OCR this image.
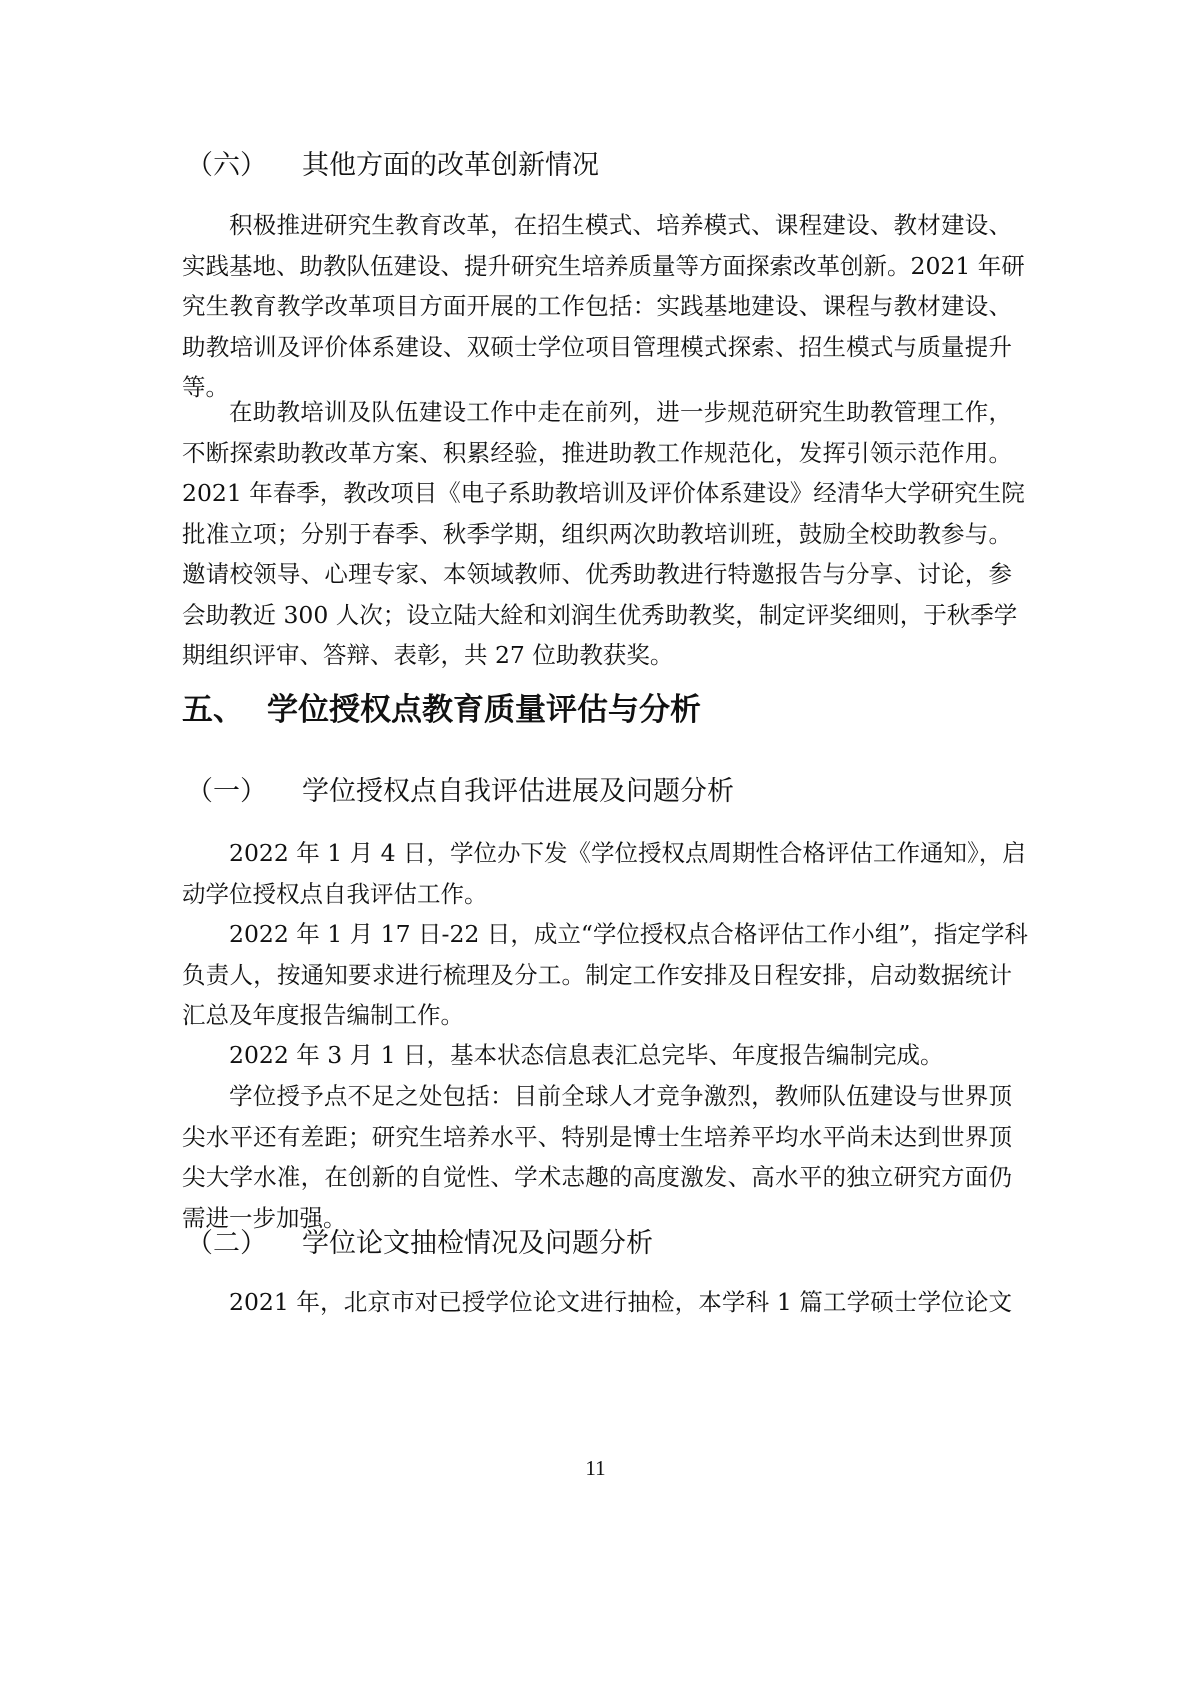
（六） 其他方面的改革创新情况
积极推进研究生教育改革，在招生模式、培养模式、课程建设、教材建设、
实践基地、助教队伍建设、提升研究生培养质量等方面探索改革创新。2021 年研
究生教育教学改革项目方面开展的工作包括：实践基地建设、课程与教材建设、
助教培训及评价体系建设、双硕士学位项目管理模式探索、招生模式与质量提升
等。
在助教培训及队伍建设工作中走在前列，进一步规范研究生助教管理工作，
不断探索助教改革方案、积累经验，推进助教工作规范化，发挥引领示范作用。
2021 年春季，教改项目《电子系助教培训及评价体系建设》经清华大学研究生院
批准立项；分别于春季、秋季学期，组织两次助教培训班，鼓励全校助教参与。
邀请校领导、心理专家、本领域教师、优秀助教进行特邀报告与分享、讨论，参
会助教近 300 人次；设立陆大絟和刘润生优秀助教奖，制定评奖细则，于秋季学
期组织评审、答辩、表彰，共 27 位助教获奖。
五、 学位授权点教育质量评估与分析
（一） 学位授权点自我评估进展及问题分析
2022 年 1 月 4 日，学位办下发《学位授权点周期性合格评估工作通知》，启
动学位授权点自我评估工作。
2022 年 1 月 17 日-22 日，成立“学位授权点合格评估工作小组”，指定学科
负责人，按通知要求进行梳理及分工。制定工作安排及日程安排，启动数据统计
汇总及年度报告编制工作。
2022 年 3 月 1 日，基本状态信息表汇总完毕、年度报告编制完成。
学位授予点不足之处包括：目前全球人才竞争激烈，教师队伍建设与世界顶
尖水平还有差距；研究生培养水平、特别是博士生培养平均水平尚未达到世界顶
尖大学水准，在创新的自觉性、学术志趣的高度激发、高水平的独立研究方面仍
需进一步加强。
（二） 学位论文抽检情况及问题分析
2021 年，北京市对已授学位论文进行抽检，本学科 1 篇工学硕士学位论文
11
